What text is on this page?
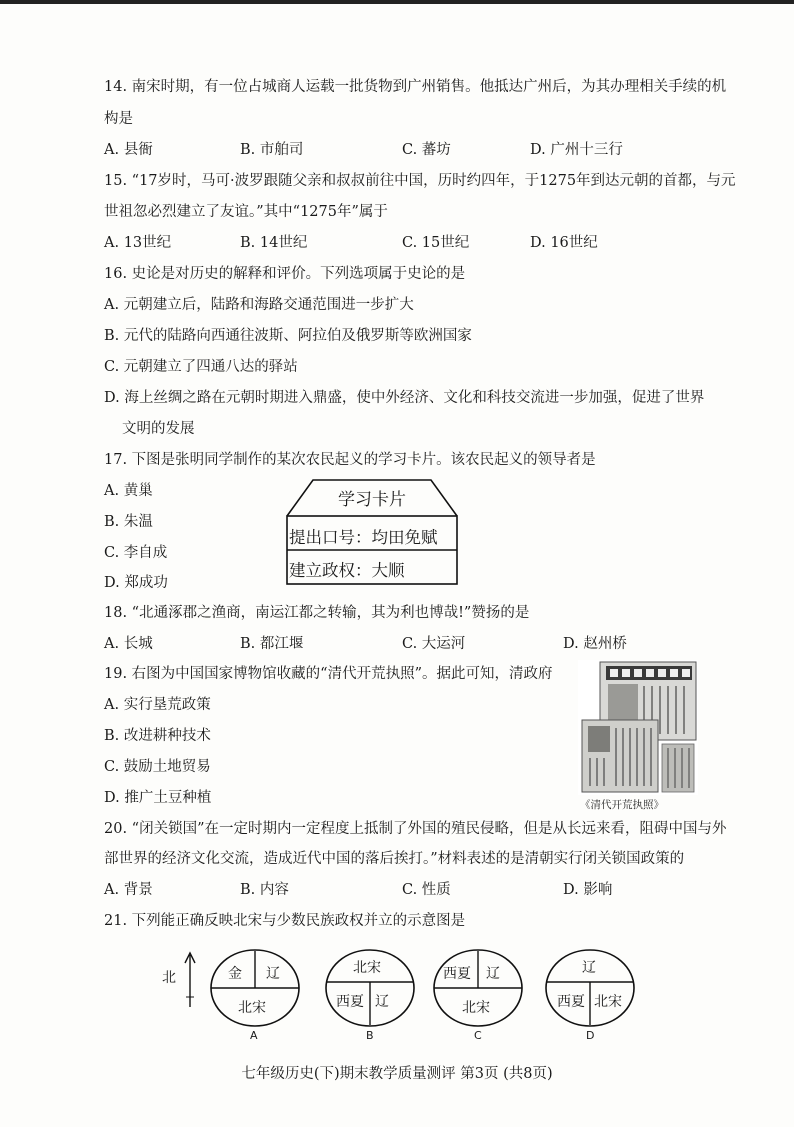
14. 南宋时期，有一位占城商人运载一批货物到广州销售。他抵达广州后，为其办理相关手续的机
构是
A. 县衙	B. 市舶司	C. 蕃坊	D. 广州十三行
15. “17岁时，马可·波罗跟随父亲和叔叔前往中国，历时约四年，于1275年到达元朝的首都，与元
世祖忽必烈建立了友谊。”其中“1275年”属于
A. 13世纪	B. 14世纪	C. 15世纪	D. 16世纪
16. 史论是对历史的解释和评价。下列选项属于史论的是
A. 元朝建立后，陆路和海路交通范围进一步扩大
B. 元代的陆路向西通往波斯、阿拉伯及俄罗斯等欧洲国家
C. 元朝建立了四通八达的驿站
D. 海上丝绸之路在元朝时期进入鼎盛，使中外经济、文化和科技交流进一步加强，促进了世界
文明的发展
17. 下图是张明同学制作的某次农民起义的学习卡片。该农民起义的领导者是
A. 黄巢
B. 朱温
C. 李自成
D. 郑成功
学习卡片
提出口号：均田免赋
建立政权：大顺
18. “北通涿郡之渔商，南运江都之转输，其为利也博哉!”赞扬的是
A. 长城	B. 都江堰	C. 大运河	D. 赵州桥
19. 右图为中国国家博物馆收藏的“清代开荒执照”。据此可知，清政府
A. 实行垦荒政策
B. 改进耕种技术
C. 鼓励土地贸易
D. 推广土豆种植	《清代开荒执照》
20. “闭关锁国”在一定时期内一定程度上抵制了外国的殖民侵略，但是从长远来看，阻碍中国与外
部世界的经济文化交流，造成近代中国的落后挨打。”材料表述的是清朝实行闭关锁国政策的
A. 背景	B. 内容	C. 性质	D. 影响
21. 下列能正确反映北宋与少数民族政权并立的示意图是
北	金 辽
北宋
A
北宋
西夏 辽
B
西夏 辽
北宋
C
辽
西夏 北宋
D
七年级历史(下)期末教学质量测评 第3页 (共8页)
